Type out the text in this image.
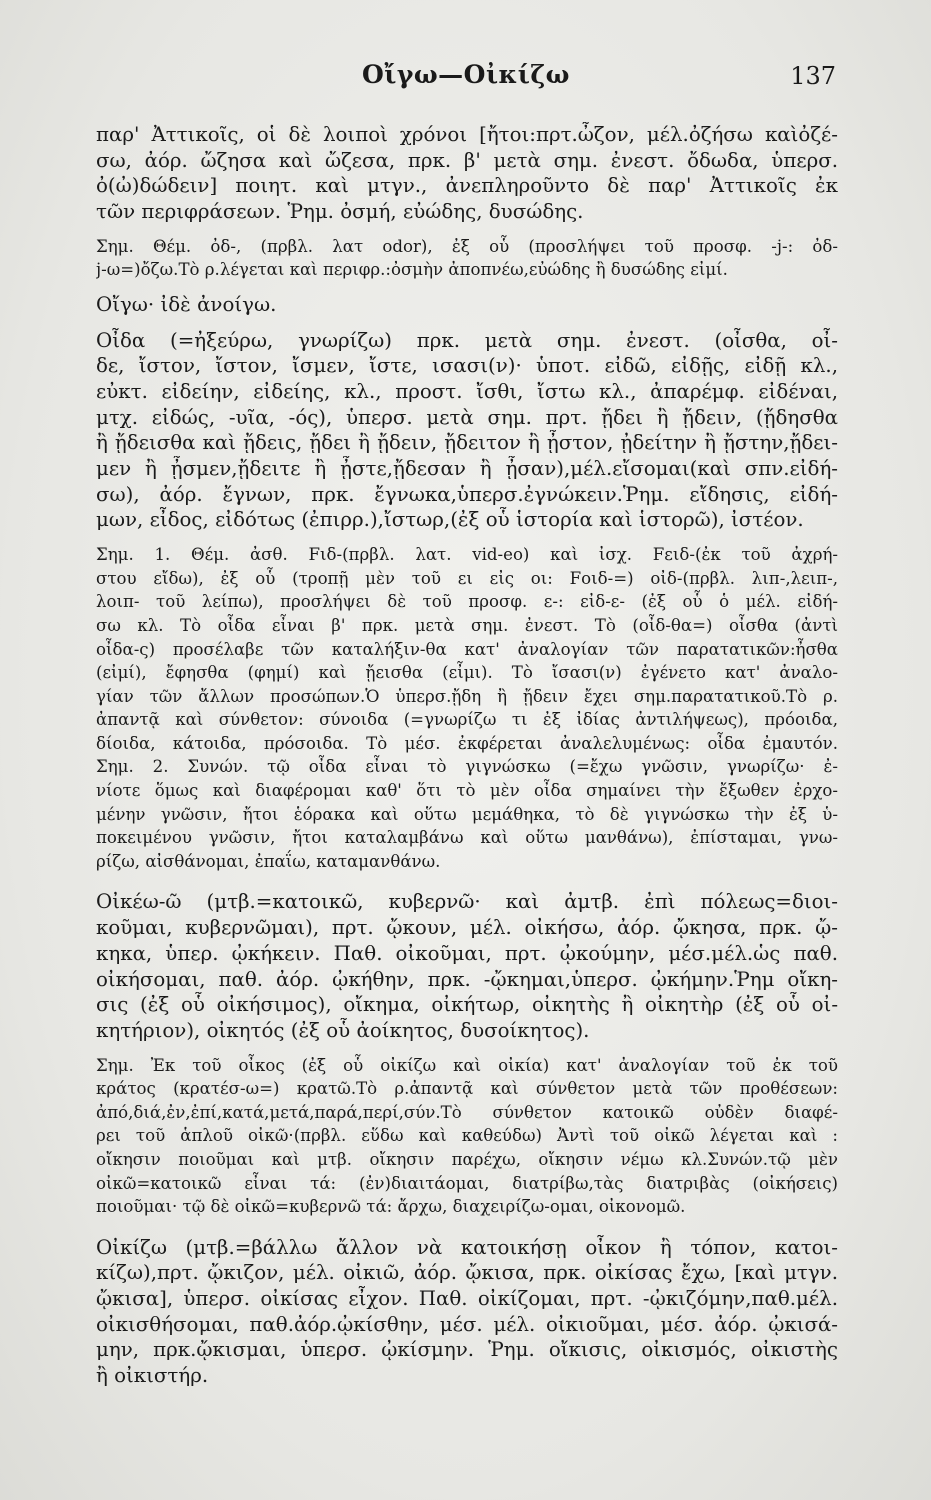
Οἴγω—Οἰκίζω	137
παρ' Ἀττικοῖς, οἱ δὲ λοιποὶ χρόνοι [ἤτοι:πρτ.ὦζον, μέλ.ὀζήσω καὶὀζέ-
σω, ἀόρ. ὤζησα καὶ ὤζεσα, πρκ. β' μετὰ σημ. ἐνεστ. ὄδωδα, ὑπερσ.
ὀ(ὠ)δώδειν] ποιητ. καὶ μτγν., ἀνεπληροῦντο δὲ παρ' Ἀττικοῖς ἐκ
τῶν περιφράσεων. Ῥημ. ὀσμή, εὐώδης, δυσώδης.
Σημ. Θέμ. ὀδ-, (πρβλ. λατ odor), ἐξ οὗ (προσλήψει τοῦ προσφ. -j-: ὀδ-
j-ω=)ὄζω.Τὸ ρ.λέγεται καὶ περιφρ.:ὀσμὴν ἀποπνέω,εὐώδης ἢ δυσώδης εἰμί.
Οἴγω· ἰδὲ ἀνοίγω.
Οἶδα (=ἠξεύρω, γνωρίζω) πρκ. μετὰ σημ. ἐνεστ. (οἶσθα, οἶ-
δε, ἴστον, ἴστον, ἴσμεν, ἴστε, ισασι(ν)· ὑποτ. εἰδῶ, εἰδῇς, εἰδῇ κλ.,
εὐκτ. εἰδείην, εἰδείης, κλ., προστ. ἴσθι, ἴστω κλ., ἀπαρέμφ. εἰδέναι,
μτχ. εἰδώς, -υῖα, -ός), ὑπερσ. μετὰ σημ. πρτ. ᾔδει ἢ ᾔδειν, (ᾔδησθα
ἢ ᾔδεισθα καὶ ᾔδεις, ᾔδει ἢ ᾔδειν, ᾔδειτον ἢ ᾖστον, ᾐδείτην ἢ ᾔστην,ᾔδει-
μεν ἢ ᾖσμεν,ᾔδειτε ἢ ᾖστε,ᾔδεσαν ἢ ᾖσαν),μέλ.εἴσομαι(καὶ σπν.εἰδή-
σω), ἀόρ. ἔγνων, πρκ. ἔγνωκα,ὑπερσ.ἐγνώκειν.Ῥημ. εἴδησις, εἰδή-
μων, εἶδος, εἰδότως (ἐπιρρ.),ἴστωρ,(ἐξ οὗ ἱστορία καὶ ἱστορῶ), ἰστέον.
Σημ. 1. Θέμ. ἀσθ. Fιδ-(πρβλ. λατ. vid-eo) καὶ ἰσχ. Fειδ-(ἐκ τοῦ ἀχρή-
στου εἴδω), ἐξ οὗ (τροπῇ μὲν τοῦ ει εἰς οι: Fοιδ-=) οἰδ-(πρβλ. λιπ-,λειπ-,
λοιπ- τοῦ λείπω), προσλήψει δὲ τοῦ προσφ. ε-: εἰδ-ε- (ἐξ οὗ ὁ μέλ. εἰδή-
σω κλ. Τὸ οἶδα εἶναι β' πρκ. μετὰ σημ. ἐνεστ. Τὸ (οἶδ-θα=) οἶσθα (ἀντὶ
οἶδα-ς) προσέλαβε τῶν καταλήξιν-θα κατ' ἀναλογίαν τῶν παρατατικῶν:ἦσθα
(εἰμί), ἔφησθα (φημί) καὶ ᾔεισθα (εἶμι). Τὸ ἴσασι(ν) ἐγένετο κατ' ἀναλο-
γίαν τῶν ἄλλων προσώπων.Ὁ ὑπερσ.ᾔδη ἢ ᾔδειν ἔχει σημ.παρατατικοῦ.Τὸ ρ.
ἀπαντᾷ καὶ σύνθετον: σύνοιδα (=γνωρίζω τι ἐξ ἰδίας ἀντιλήψεως), πρόοιδα,
δίοιδα, κάτοιδα, πρόσοιδα. Τὸ μέσ. ἐκφέρεται ἀναλελυμένως: οἶδα ἐμαυτόν.
Σημ. 2. Συνών. τῷ οἶδα εἶναι τὸ γιγνώσκω (=ἔχω γνῶσιν, γνωρίζω· ἐ-
νίοτε ὅμως καὶ διαφέρομαι καθ' ὅτι τὸ μὲν οἶδα σημαίνει τὴν ἔξωθεν ἐρχο-
μένην γνῶσιν, ἤτοι ἑόρακα καὶ οὕτω μεμάθηκα, τὸ δὲ γιγνώσκω τὴν ἐξ ὑ-
ποκειμένου γνῶσιν, ἤτοι καταλαμβάνω καὶ οὕτω μανθάνω), ἐπίσταμαι, γνω-
ρίζω, αἰσθάνομαι, ἐπαΐω, καταμανθάνω.
Οἰκέω-ῶ (μτβ.=κατοικῶ, κυβερνῶ· καὶ ἀμτβ. ἐπὶ πόλεως=διοι-
κοῦμαι, κυβερνῶμαι), πρτ. ᾤκουν, μέλ. οἰκήσω, ἀόρ. ᾤκησα, πρκ. ᾤ-
κηκα, ὑπερ. ᾠκήκειν. Παθ. οἰκοῦμαι, πρτ. ᾠκούμην, μέσ.μέλ.ὡς παθ.
οἰκήσομαι, παθ. ἀόρ. ᾠκήθην, πρκ. -ᾤκημαι,ὑπερσ. ᾠκήμην.Ῥημ οἴκη-
σις (ἐξ οὗ οἰκήσιμος), οἴκημα, οἰκήτωρ, οἰκητὴς ἢ οἰκητὴρ (ἐξ οὗ οἰ-
κητήριον), οἰκητός (ἐξ οὗ ἀοίκητος, δυσοίκητος).
Σημ. Ἐκ τοῦ οἶκος (ἐξ οὗ οἰκίζω καὶ οἰκία) κατ' ἀναλογίαν τοῦ ἐκ τοῦ
κράτος (κρατέσ-ω=) κρατῶ.Τὸ ρ.ἀπαντᾷ καὶ σύνθετον μετὰ τῶν προθέσεων:
ἀπό,διά,ἐν,ἐπί,κατά,μετά,παρά,περί,σύν.Τὸ σύνθετον κατοικῶ οὐδὲν διαφέ-
ρει τοῦ ἁπλοῦ οἰκῶ·(πρβλ. εὕδω καὶ καθεύδω) Ἀντὶ τοῦ οἰκῶ λέγεται καὶ :
οἴκησιν ποιοῦμαι καὶ μτβ. οἴκησιν παρέχω, οἴκησιν νέμω κλ.Συνών.τῷ μὲν
οἰκῶ=κατοικῶ εἶναι τά: (ἐν)διαιτάομαι, διατρίβω,τὰς διατριβὰς (οἰκήσεις)
ποιοῦμαι· τῷ δὲ οἰκῶ=κυβερνῶ τά: ἄρχω, διαχειρίζω-ομαι, οἰκονομῶ.
Οἰκίζω (μτβ.=βάλλω ἄλλον νὰ κατοικήσῃ οἶκον ἢ τόπον, κατοι-
κίζω),πρτ. ᾤκιζον, μέλ. οἰκιῶ, ἀόρ. ᾤκισα, πρκ. οἰκίσας ἔχω, [καὶ μτγν.
ᾤκισα], ὑπερσ. οἰκίσας εἶχον. Παθ. οἰκίζομαι, πρτ. -ᾠκιζόμην,παθ.μέλ.
οἰκισθήσομαι, παθ.ἀόρ.ᾠκίσθην, μέσ. μέλ. οἰκιοῦμαι, μέσ. ἀόρ. ᾠκισά-
μην, πρκ.ᾤκισμαι, ὑπερσ. ᾠκίσμην. Ῥημ. οἴκισις, οἰκισμός, οἰκιστὴς
ἢ οἰκιστήρ.
